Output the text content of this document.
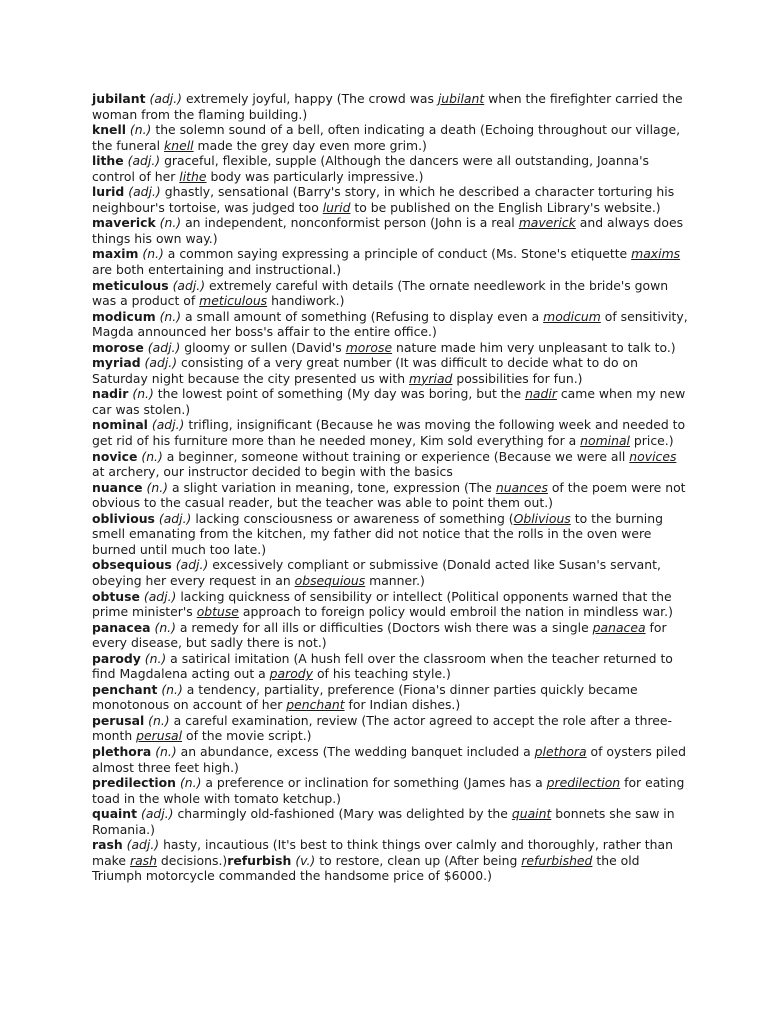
jubilant (adj.) extremely joyful, happy (The crowd was jubilant when the firefighter carried the woman from the flaming building.)
knell (n.) the solemn sound of a bell, often indicating a death (Echoing throughout our village, the funeral knell made the grey day even more grim.)
lithe (adj.) graceful, flexible, supple (Although the dancers were all outstanding, Joanna's control of her lithe body was particularly impressive.)
lurid (adj.) ghastly, sensational (Barry's story, in which he described a character torturing his neighbour's tortoise, was judged too lurid to be published on the English Library's website.)
maverick (n.) an independent, nonconformist person (John is a real maverick and always does things his own way.)
maxim (n.) a common saying expressing a principle of conduct (Ms. Stone's etiquette maxims are both entertaining and instructional.)
meticulous (adj.) extremely careful with details (The ornate needlework in the bride's gown was a product of meticulous handiwork.)
modicum (n.) a small amount of something (Refusing to display even a modicum of sensitivity, Magda announced her boss's affair to the entire office.)
morose (adj.) gloomy or sullen (David's morose nature made him very unpleasant to talk to.)
myriad (adj.) consisting of a very great number (It was difficult to decide what to do on Saturday night because the city presented us with myriad possibilities for fun.)
nadir (n.) the lowest point of something (My day was boring, but the nadir came when my new car was stolen.)
nominal (adj.) trifling, insignificant (Because he was moving the following week and needed to get rid of his furniture more than he needed money, Kim sold everything for a nominal price.)
novice (n.) a beginner, someone without training or experience (Because we were all novices at archery, our instructor decided to begin with the basics
nuance (n.) a slight variation in meaning, tone, expression (The nuances of the poem were not obvious to the casual reader, but the teacher was able to point them out.)
oblivious (adj.) lacking consciousness or awareness of something (Oblivious to the burning smell emanating from the kitchen, my father did not notice that the rolls in the oven were burned until much too late.)
obsequious (adj.) excessively compliant or submissive (Donald acted like Susan's servant, obeying her every request in an obsequious manner.)
obtuse (adj.) lacking quickness of sensibility or intellect (Political opponents warned that the prime minister's obtuse approach to foreign policy would embroil the nation in mindless war.)
panacea (n.) a remedy for all ills or difficulties (Doctors wish there was a single panacea for every disease, but sadly there is not.)
parody (n.) a satirical imitation (A hush fell over the classroom when the teacher returned to find Magdalena acting out a parody of his teaching style.)
penchant (n.) a tendency, partiality, preference (Fiona's dinner parties quickly became monotonous on account of her penchant for Indian dishes.)
perusal (n.) a careful examination, review (The actor agreed to accept the role after a three-month perusal of the movie script.)
plethora (n.) an abundance, excess (The wedding banquet included a plethora of oysters piled almost three feet high.)
predilection (n.) a preference or inclination for something (James has a predilection for eating toad in the whole with tomato ketchup.)
quaint (adj.) charmingly old-fashioned (Mary was delighted by the quaint bonnets she saw in Romania.)
rash (adj.) hasty, incautious (It's best to think things over calmly and thoroughly, rather than make rash decisions.)refurbish (v.) to restore, clean up (After being refurbished the old Triumph motorcycle commanded the handsome price of $6000.)
